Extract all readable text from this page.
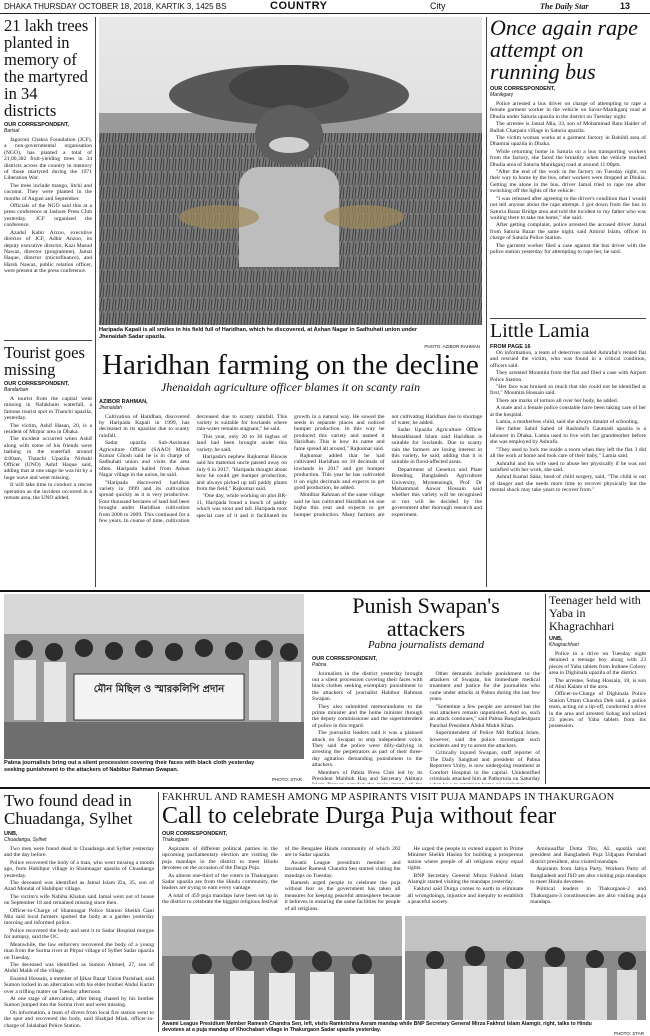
DHAKA THURSDAY OCTOBER 18, 2018, KARTIK 3, 1425 BS	COUNTRY	City	The Daily Star	13
21 lakh trees planted in memory of the martyred in 34 districts
OUR CORRESPONDENT,
Barisal

Jagoroni Chakra Foundation (JCF), a non-governmental organisation (NGO), has planted a total of 21,00,382 fruit-yielding trees in 34 districts across the country in memory of those martyred during the 1971 Liberation War.

The trees include mango, litchi and coconut. They were planted in the months of August and September.

Officials of the NGO said this at a press conference at Jashore Press Club yesterday. JCF organised the conference.

Azadul Kabir Arzoo, executive director of JCF, Adhir Anzoo, its deputy executive director, Kazi Masud Nawaz, director (programme), Jamal Haque, director (microfinance), and Harsh Nawaz, public relation officer, were present at the press conference.

Tourist goes missing
OUR CORRESPONDENT,
Bandarban

A tourist from the capital went missing in Nafakhum waterfall, a famous tourist spot in Thanchi upazila, yesterday.

The victim, Ashif Hasan, 20, is a resident of Mirpur area in Dhaka.

The incident occurred when Ashif along with some of his friends were bathing in the waterfall around 4:00am, Thanchi Upazila Nirbahi Officer (UNO) Ashif Haque said, adding that at one stage he was hit by a huge wave and went missing.

It will take time to conduct a rescue operation as the incident occurred in a remote area, the UNO added.

Haripada Kapali is all smiles in his field full of Haridhan, which he discovered, at Ashan Nagar in Sadhuhati union under Jhenaidah Sadar upazila.
PHOTO: AZIBOR RAHMAN
Haridhan farming on the decline
Jhenaidah agriculture officer blames it on scanty rain
AZIBOR RAHMAN,
Jhenaidah

Cultivation of Haridhan, discovered by Haripada Kapali in 1999, has decreased in its upazilas due to scanty rainfall.

Sadar upazila Sub-Assistant Agriculture Officer (SAAO) Milon Kumar Ghosh said he is in charge of Sadhuhati union and visits the area often. Haripada hailed from Ashan Nagar village in the union, he said.

"Haripada discovered haridhan variety in 1999 and its cultivation spread quickly as it is very productive. Four thousand hectares of land had been brought under Haridhan cultivation from 2006 to 2009. This continued for a few years. In course of time, cultivation decreased due to scanty rainfall. This variety is suitable for lowlands where rain-water remains stagnant," he said.

This year, only 20 to 30 bighas of land had been brought under this variety, he said.

Haripada's nephew Rajkumar Biswas said his maternal uncle passed away on July 6 in 2017. "Haripada thought about how he could get bumper production, and always picked up tall paddy plants from the field," Rajkumar said.

"One day, while working on plot BR-11, Haripada found a bunch of paddy which was stout and tall. Haripada took special care of it and it facilitated its growth in a natural way. He sowed the seeds in separate places and noticed bumper production. In this way he produced this variety and named it Haridhan. This is how its name and fame spread all around," Rajkumar said.

Rajkumar added that he had cultivated Haridhan on 10 decimals of lowlands in 2017 and got bumper production. This year he has cultivated it on eight decimals and expects to get good production, he added.

Motilbar Rahman of the same village said he has cultivated Haridhan on one bigha this year and expects to get bumper production. Many farmers are not cultivating Haridhan due to shortage of water, he added.

Sadar Upazila Agriculture Officer Mostakhsand Islam said Haridhan is suitable for lowlands. Due to scanty rain the farmers are losing interest in this variety, he said, adding that it is suitable in flood-affected areas.

Department of Genetics and Plant Breeding, Bangladesh Agriculture University, Mymensingh, Prof Dr Mohammad Anwar Hossain said whether this variety will be recognised or not will be decided by the government after thorough research and experiment.

Once again rape attempt on running bus
OUR CORRESPONDENT,
Manikganj

Police arrested a bus driver on charge of attempting to rape a female garment worker in the vehicle on Savar-Manikganj road at Dhulia under Saturia upazila in the district on Tuesday night.

The arrestee is Jamal Mia, 33, son of Mohammad Ratu Haider of Ballah Charpara village in Saturia upazila.

The victim woman works at a garment factory in Bahildi area of Dhamrai upazila in Dhaka.

While returning home in Saturia on a bus transporting workers from the factory, she faced the brutality when the vehicle reached Dhulia area of Saturia Manikganj road at around 11:00pm.

"After the end of the work in the factory on Tuesday night, on their way to home by the bus, other workers were dropped at Dhulia. Getting me alone in the bus, driver Jamal tried to rape me after switching off the lights of the vehicle.

"I was released after agreeing to the driver's condition that I would not tell anyone about the rape attempt. I got down from the bus in Saturia Bazar Bridge area and told the incident to my father who was waiting there to take me home," she said.

After getting complaint, police arrested the accused driver Jamal from Saturia Bazar the same night, said Amirul Islam, officer in charge of Saturia Police Station.

The garment worker filed a case against the bus driver with the police station yesterday for attempting to rape her, he said.

Little Lamia
FROM PAGE 16

On information, a team of detectives raided Ashraful's rented flat and rescued the victim, who was found in a critical condition, officers said.

They arrested Moumita from the flat and filed a case with Airport Police Station.

"Her face was bruised so much that she could not be identified at first," Moumita Hossain said.

There are marks of torture all over her body, he added.

A male and a female police constable have been taking care of her at the hospital.

Lamia, a motherless child, said she always dreamt of schooling.

Her father Sahid Sahed of Rashidul's Gaumadi upazila is a labourer in Dhaka. Lamia used to live with her grandmother before she was employed by Ashrafu.

"They used to lock me inside a room when they left the flat. I did all the work at home and took care of their baby," Lamia said.

Ashraful and his wife used to abuse her physically if he was not satisfied with her work, she said.

Ashraf Kamal Saha, head of child surgery, said, "The child is out of danger and she needs more time to recover physically but the mental shock may take years to recover from."

মৌন মিছিল ও স্মারকলিপি প্রদান
Pabna journalists bring out a silent procession covering their faces with black cloth yesterday seeking punishment to the attackers of Nabibur Rahman Swapan.
PHOTO: STAR
Punish Swapan's attackers
Pabna journalists demand
OUR CORRESPONDENT,
Pabna

Journalists in the district yesterday brought out a silent procession covering their faces with black clothes seeking exemplary punishment to the attackers of journalist Habibur Rahman Swapan.

They also submitted memorandums to the prime minister and the home minister through the deputy commissioner and the superintendent of police in this regard.

The journalist leaders said it was a planned attack on Swapan to stop independent voice. They said the police were dilly-dallying in arresting the perpetrators as part of their three-day agitation demanding punishment to the attackers.

Members of Pabna Press Club led by its President Mahbub Haq and Secretary Akhtarz

Other demands include punishment to the attackers of Swapan, his immediate medical treatment and justice for the journalists who came under attacks at Pabna during the last few years.

"Sometime a few people are arrested but the real attackers remain unpunished. And so, such an attack continues," said Pabna Bangladeshpara Panchal President Abdul Mukit Khan.

Superintendent of Police Md Rafikul Islam, however, said the police investigate such incidents and try to arrest the attackers.

Critically injured Swapan, staff reporter of The Daily Sangbad and president of Pabna Reporters Unity, is now undergoing treatment at Comfort Hospital in the capital. Unidentified criminals attacked him at Pathortola on Saturday

Teenager held with Yaba in Khagrachhari
UNB,
Khagrachhari

Police in a drive on Tuesday night detained a teenage boy along with 23 pieces of Yaba tablets from Indinee Colony area in Dighinala upazila of the district.

The arrestee, Sohag Hossain, 18, is son of Abul Kalam of the area.

Officer-in-Charge of Dighinala Police Station Uttam Chandra Deb said, a police team, acting on a tip-off, conducted a drive in the area and arrested Sohag and seized 23 pieces of Yaba tablets from his possession.

Two found dead in Chuadanga, Sylhet
UNB,
Chuadanga, Sylhet

Two men were found dead in Chuadanga and Sylhet yesterday and the day before.

Police recovered the body of a man, who went missing a month ago, from Habibpur village in Shamnagar upazila of Chuadanga yesterday.

The deceased was identified as Jamal Islam Zia, 35, son of Azad Mondal of Habibpur village.

The victim's wife Nabiha Khatun said Jamal went out of house on September 18 and remained missing since then.

Officer-in-Charge of Shamnagar Police Station Sheikh Gani Mia said local farmers spotted the body at a garden yesterday morning and informed police.

Police recovered the body and sent it to Sadar Hospital morgue for autopsy, said the OC.

Meanwhile, the law enforcers recovered the body of a young man from the Surma river at Pirpur village of Sylhet Sadar upazila on Tuesday.

The deceased was identified as Sumon Ahmed, 27, son of Abdul Malik of the village.

Enamul Hossain, a member of Ijikar Bazar Union Parishad, said Sumon locked in an altercation with his elder brother Abdul Karim over a trifling matter on Tuesday afternoon.

At one stage of altercation, after being chased by his brother Sumon jumped into the Surma river and went missing.

On information, a team of divers from local fire station went to the spot and recovered the body, said Shahjad Miah, officer-in-charge of Jalalabad Police Station.

FAKHRUL AND RAMESH AMONG MP ASPIRANTS VISIT PUJA MANDAPS IN THAKURGAON
Call to celebrate Durga Puja without fear
OUR CORRESPONDENT,
Thakurgaon

Aspirants of different political parties in the upcoming parliamentary election are visiting the puja mandaps in the district to meet Hindu devotees on the occasion of the Durga Puja.

As almost one-third of the voters in Thakurgaon Sadar upazila are from the Hindu community, the leaders are trying to earn every vantage.

A total of 459 puja mandaps have been set up in the district to celebrate the biggest religious festival of the Bengalee Hindu community of which 202 are in Sadar upazila.

Awami League presidium member and lawmaker Ramesh Chandra Sen started visiting the mandaps on Tuesday.

Ramesh urged people to celebrate the puja without fear as the government has taken all measures for keeping peaceful atmosphere because it believes in ensuring the same facilities for people of all religions.

He urged the people to extend support to Prime Minister Sheikh Hasina for building a prosperous nation where people of all religions enjoy equal rights.

BNP Secretary General Mirza Fakhrul Islam Alamgir started visiting the mandaps yesterday.

Fakhrul said Durga comes to earth to eliminate all wrongdoings, injustice and inequity to establish a peaceful society.

Aminusaffar Dutta Titu, AL upazila unit president and Bangladesh Puja Udjapan Parishad district president, also visited mandaps.

Aspirants from Jatiya Party, Workers Party of Bangladesh and JSD are also visiting puja mandaps to meet Hindu devotees.

Political leaders in Thakurgaon-2 and Thakurgaon-3 constituencies are also visiting puja mandaps.

Awami League Presidium Member Ramesh Chandra Sen, left, visits Ramkrishna Asram mandap while BNP Secretary General Mirza Fakhrul Islam Alamgir, right, talks to Hindu devotees at a puja mandap of Khochabari village in Thakurgaon Sadar upazila yesterday.
PHOTO: STAR
